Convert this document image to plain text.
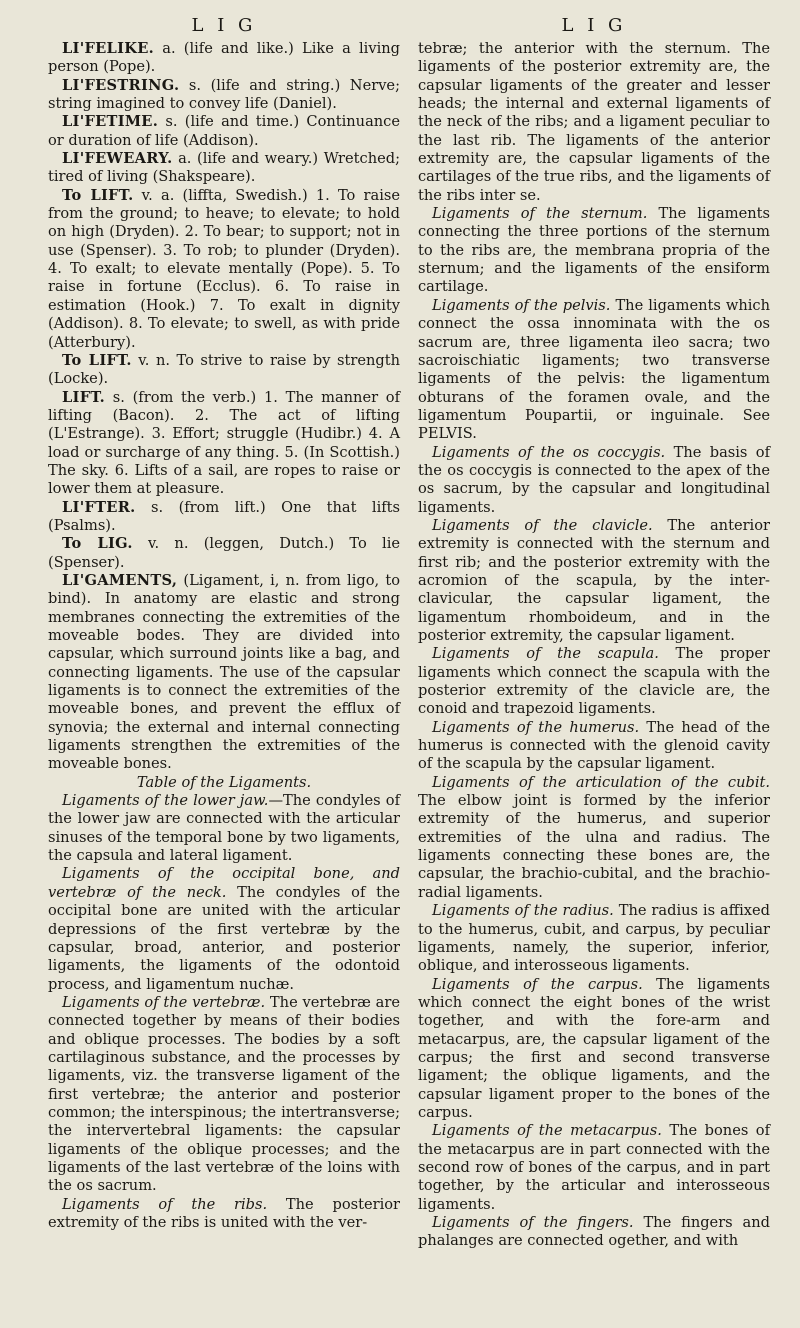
L I G

LI'FELIKE. a. (life and like.) Like a living person (Pope).

LI'FESTRING. s. (life and string.) Nerve; string imagined to convey life (Daniel).

LI'FETIME. s. (life and time.) Continuance or duration of life (Addison).

LI'FEWEARY. a. (life and weary.) Wretched; tired of living (Shakspeare).

To LIFT. v. a. (liffta, Swedish.) 1. To raise from the ground; to heave; to elevate; to hold on high (Dryden). 2. To bear; to support; not in use (Spenser). 3. To rob; to plunder (Dryden). 4. To exalt; to elevate mentally (Pope). 5. To raise in fortune (Ecclus). 6. To raise in estimation (Hook.) 7. To exalt in dignity (Addison). 8. To elevate; to swell, as with pride (Atterbury).

To LIFT. v. n. To strive to raise by strength (Locke).

LIFT. s. (from the verb.) 1. The manner of lifting (Bacon). 2. The act of lifting (L'Estrange). 3. Effort; struggle (Hudibr.) 4. A load or surcharge of any thing. 5. (In Scottish.) The sky. 6. Lifts of a sail, are ropes to raise or lower them at pleasure.

LI'FTER. s. (from lift.) One that lifts (Psalms).

To LIG. v. n. (leggen, Dutch.) To lie (Spenser).

LI'GAMENTS, (Ligament, i, n. from ligo, to bind). In anatomy are elastic and strong membranes connecting the extremities of the moveable bodes. They are divided into capsular, which surround joints like a bag, and connecting ligaments. The use of the capsular ligaments is to connect the extremities of the moveable bones, and prevent the efflux of synovia; the external and internal connecting ligaments strengthen the extremities of the moveable bones.

Table of the Ligaments.

Ligaments of the lower jaw.—The condyles of the lower jaw are connected with the articular sinuses of the temporal bone by two ligaments, the capsula and lateral ligament.

Ligaments of the occipital bone, and vertebræ of the neck. The condyles of the occipital bone are united with the articular depressions of the first vertebræ by the capsular, broad, anterior, and posterior ligaments, the ligaments of the odontoid process, and ligamentum nuchæ.

Ligaments of the vertebræ. The vertebræ are connected together by means of their bodies and oblique processes. The bodies by a soft cartilaginous substance, and the processes by ligaments, viz. the transverse ligament of the first vertebræ; the anterior and posterior common; the interspinous; the intertransverse; the intervertebral ligaments: the capsular ligaments of the oblique processes; and the ligaments of the last vertebræ of the loins with the os sacrum.

Ligaments of the ribs. The posterior extremity of the ribs is united with the ver-

L I G

tebræ; the anterior with the sternum. The ligaments of the posterior extremity are, the capsular ligaments of the greater and lesser heads; the internal and external ligaments of the neck of the ribs; and a ligament peculiar to the last rib. The ligaments of the anterior extremity are, the capsular ligaments of the cartilages of the true ribs, and the ligaments of the ribs inter se.

Ligaments of the sternum. The ligaments connecting the three portions of the sternum to the ribs are, the membrana propria of the sternum; and the ligaments of the ensiform cartilage.

Ligaments of the pelvis. The ligaments which connect the ossa innominata with the os sacrum are, three ligamenta ileo sacra; two sacroischiatic ligaments; two transverse ligaments of the pelvis: the ligamentum obturans of the foramen ovale, and the ligamentum Poupartii, or inguinale. See PELVIS.

Ligaments of the os coccygis. The basis of the os coccygis is connected to the apex of the os sacrum, by the capsular and longitudinal ligaments.

Ligaments of the clavicle. The anterior extremity is connected with the sternum and first rib; and the posterior extremity with the acromion of the scapula, by the inter-clavicular, the capsular ligament, the ligamentum rhomboideum, and in the posterior extremity, the capsular ligament.

Ligaments of the scapula. The proper ligaments which connect the scapula with the posterior extremity of the clavicle are, the conoid and trapezoid ligaments.

Ligaments of the humerus. The head of the humerus is connected with the glenoid cavity of the scapula by the capsular ligament.

Ligaments of the articulation of the cubit. The elbow joint is formed by the inferior extremity of the humerus, and superior extremities of the ulna and radius. The ligaments connecting these bones are, the capsular, the brachio-cubital, and the brachio-radial ligaments.

Ligaments of the radius. The radius is affixed to the humerus, cubit, and carpus, by peculiar ligaments, namely, the superior, inferior, oblique, and interosseous ligaments.

Ligaments of the carpus. The ligaments which connect the eight bones of the wrist together, and with the fore-arm and metacarpus, are, the capsular ligament of the carpus; the first and second transverse ligament; the oblique ligaments, and the capsular ligament proper to the bones of the carpus.

Ligaments of the metacarpus. The bones of the metacarpus are in part connected with the second row of bones of the carpus, and in part together, by the articular and interosseous ligaments.

Ligaments of the fingers. The fingers and phalanges are connected ogether, and with
